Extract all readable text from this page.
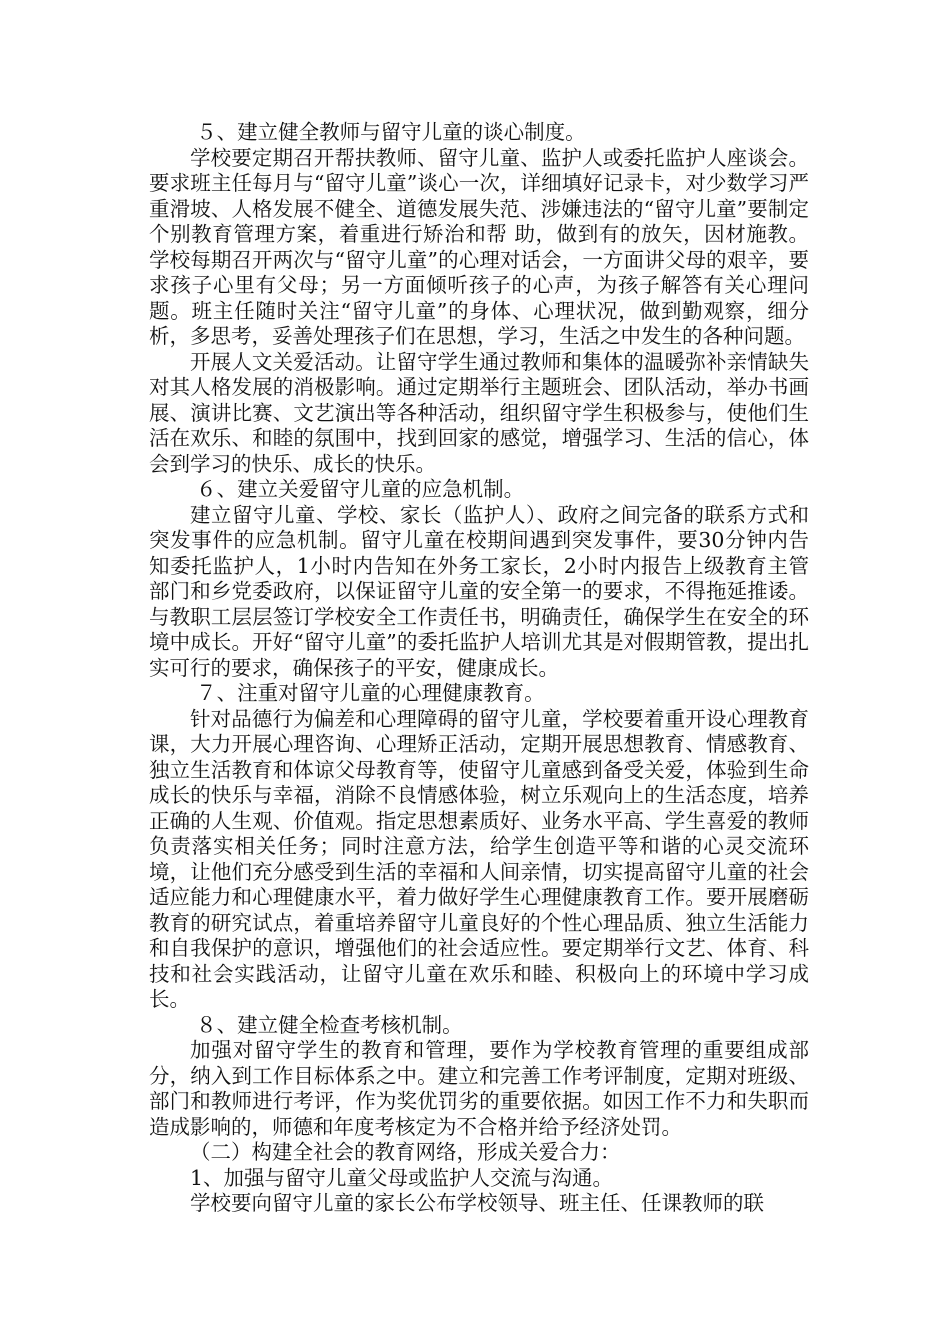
５、建立健全教师与留守儿童的谈心制度。

学校要定期召开帮扶教师、留守儿童、监护人或委托监护人座谈会。要求班主任每月与“留守儿童”谈心一次，详细填好记录卡，对少数学习严重滑坡、人格发展不健全、道德发展失范、涉嫌违法的“留守儿童”要制定个别教育管理方案，着重进行矫治和帮 助，做到有的放矢，因材施教。学校每期召开两次与“留守儿童”的心理对话会，一方面讲父母的艰辛，要求孩子心里有父母；另一方面倾听孩子的心声，为孩子解答有关心理问题。班主任随时关注“留守儿童”的身体、心理状况，做到勤观察，细分析，多思考，妥善处理孩子们在思想，学习，生活之中发生的各种问题。

开展人文关爱活动。让留守学生通过教师和集体的温暖弥补亲情缺失对其人格发展的消极影响。通过定期举行主题班会、团队活动，举办书画展、演讲比赛、文艺演出等各种活动，组织留守学生积极参与，使他们生活在欢乐、和睦的氛围中，找到回家的感觉，增强学习、生活的信心，体会到学习的快乐、成长的快乐。

６、建立关爱留守儿童的应急机制。

建立留守儿童、学校、家长（监护人）、政府之间完备的联系方式和突发事件的应急机制。留守儿童在校期间遇到突发事件，要30分钟内告知委托监护人，1小时内告知在外务工家长，2小时内报告上级教育主管部门和乡党委政府，以保证留守儿童的安全第一的要求，不得拖延推诿。与教职工层层签订学校安全工作责任书，明确责任，确保学生在安全的环境中成长。开好“留守儿童”的委托监护人培训尤其是对假期管教，提出扎实可行的要求，确保孩子的平安，健康成长。

７、注重对留守儿童的心理健康教育。

针对品德行为偏差和心理障碍的留守儿童，学校要着重开设心理教育课，大力开展心理咨询、心理矫正活动，定期开展思想教育、情感教育、独立生活教育和体谅父母教育等，使留守儿童感到备受关爱，体验到生命成长的快乐与幸福，消除不良情感体验，树立乐观向上的生活态度，培养正确的人生观、价值观。指定思想素质好、业务水平高、学生喜爱的教师负责落实相关任务；同时注意方法，给学生创造平等和谐的心灵交流环境，让他们充分感受到生活的幸福和人间亲情，切实提高留守儿童的社会适应能力和心理健康水平，着力做好学生心理健康教育工作。要开展磨砺教育的研究试点，着重培养留守儿童良好的个性心理品质、独立生活能力和自我保护的意识，增强他们的社会适应性。要定期举行文艺、体育、科技和社会实践活动，让留守儿童在欢乐和睦、积极向上的环境中学习成长。

８、建立健全检查考核机制。

加强对留守学生的教育和管理，要作为学校教育管理的重要组成部分，纳入到工作目标体系之中。建立和完善工作考评制度，定期对班级、部门和教师进行考评，作为奖优罚劣的重要依据。如因工作不力和失职而造成影响的，师德和年度考核定为不合格并给予经济处罚。

（二）构建全社会的教育网络，形成关爱合力：

1、加强与留守儿童父母或监护人交流与沟通。

学校要向留守儿童的家长公布学校领导、班主任、任课教师的联
